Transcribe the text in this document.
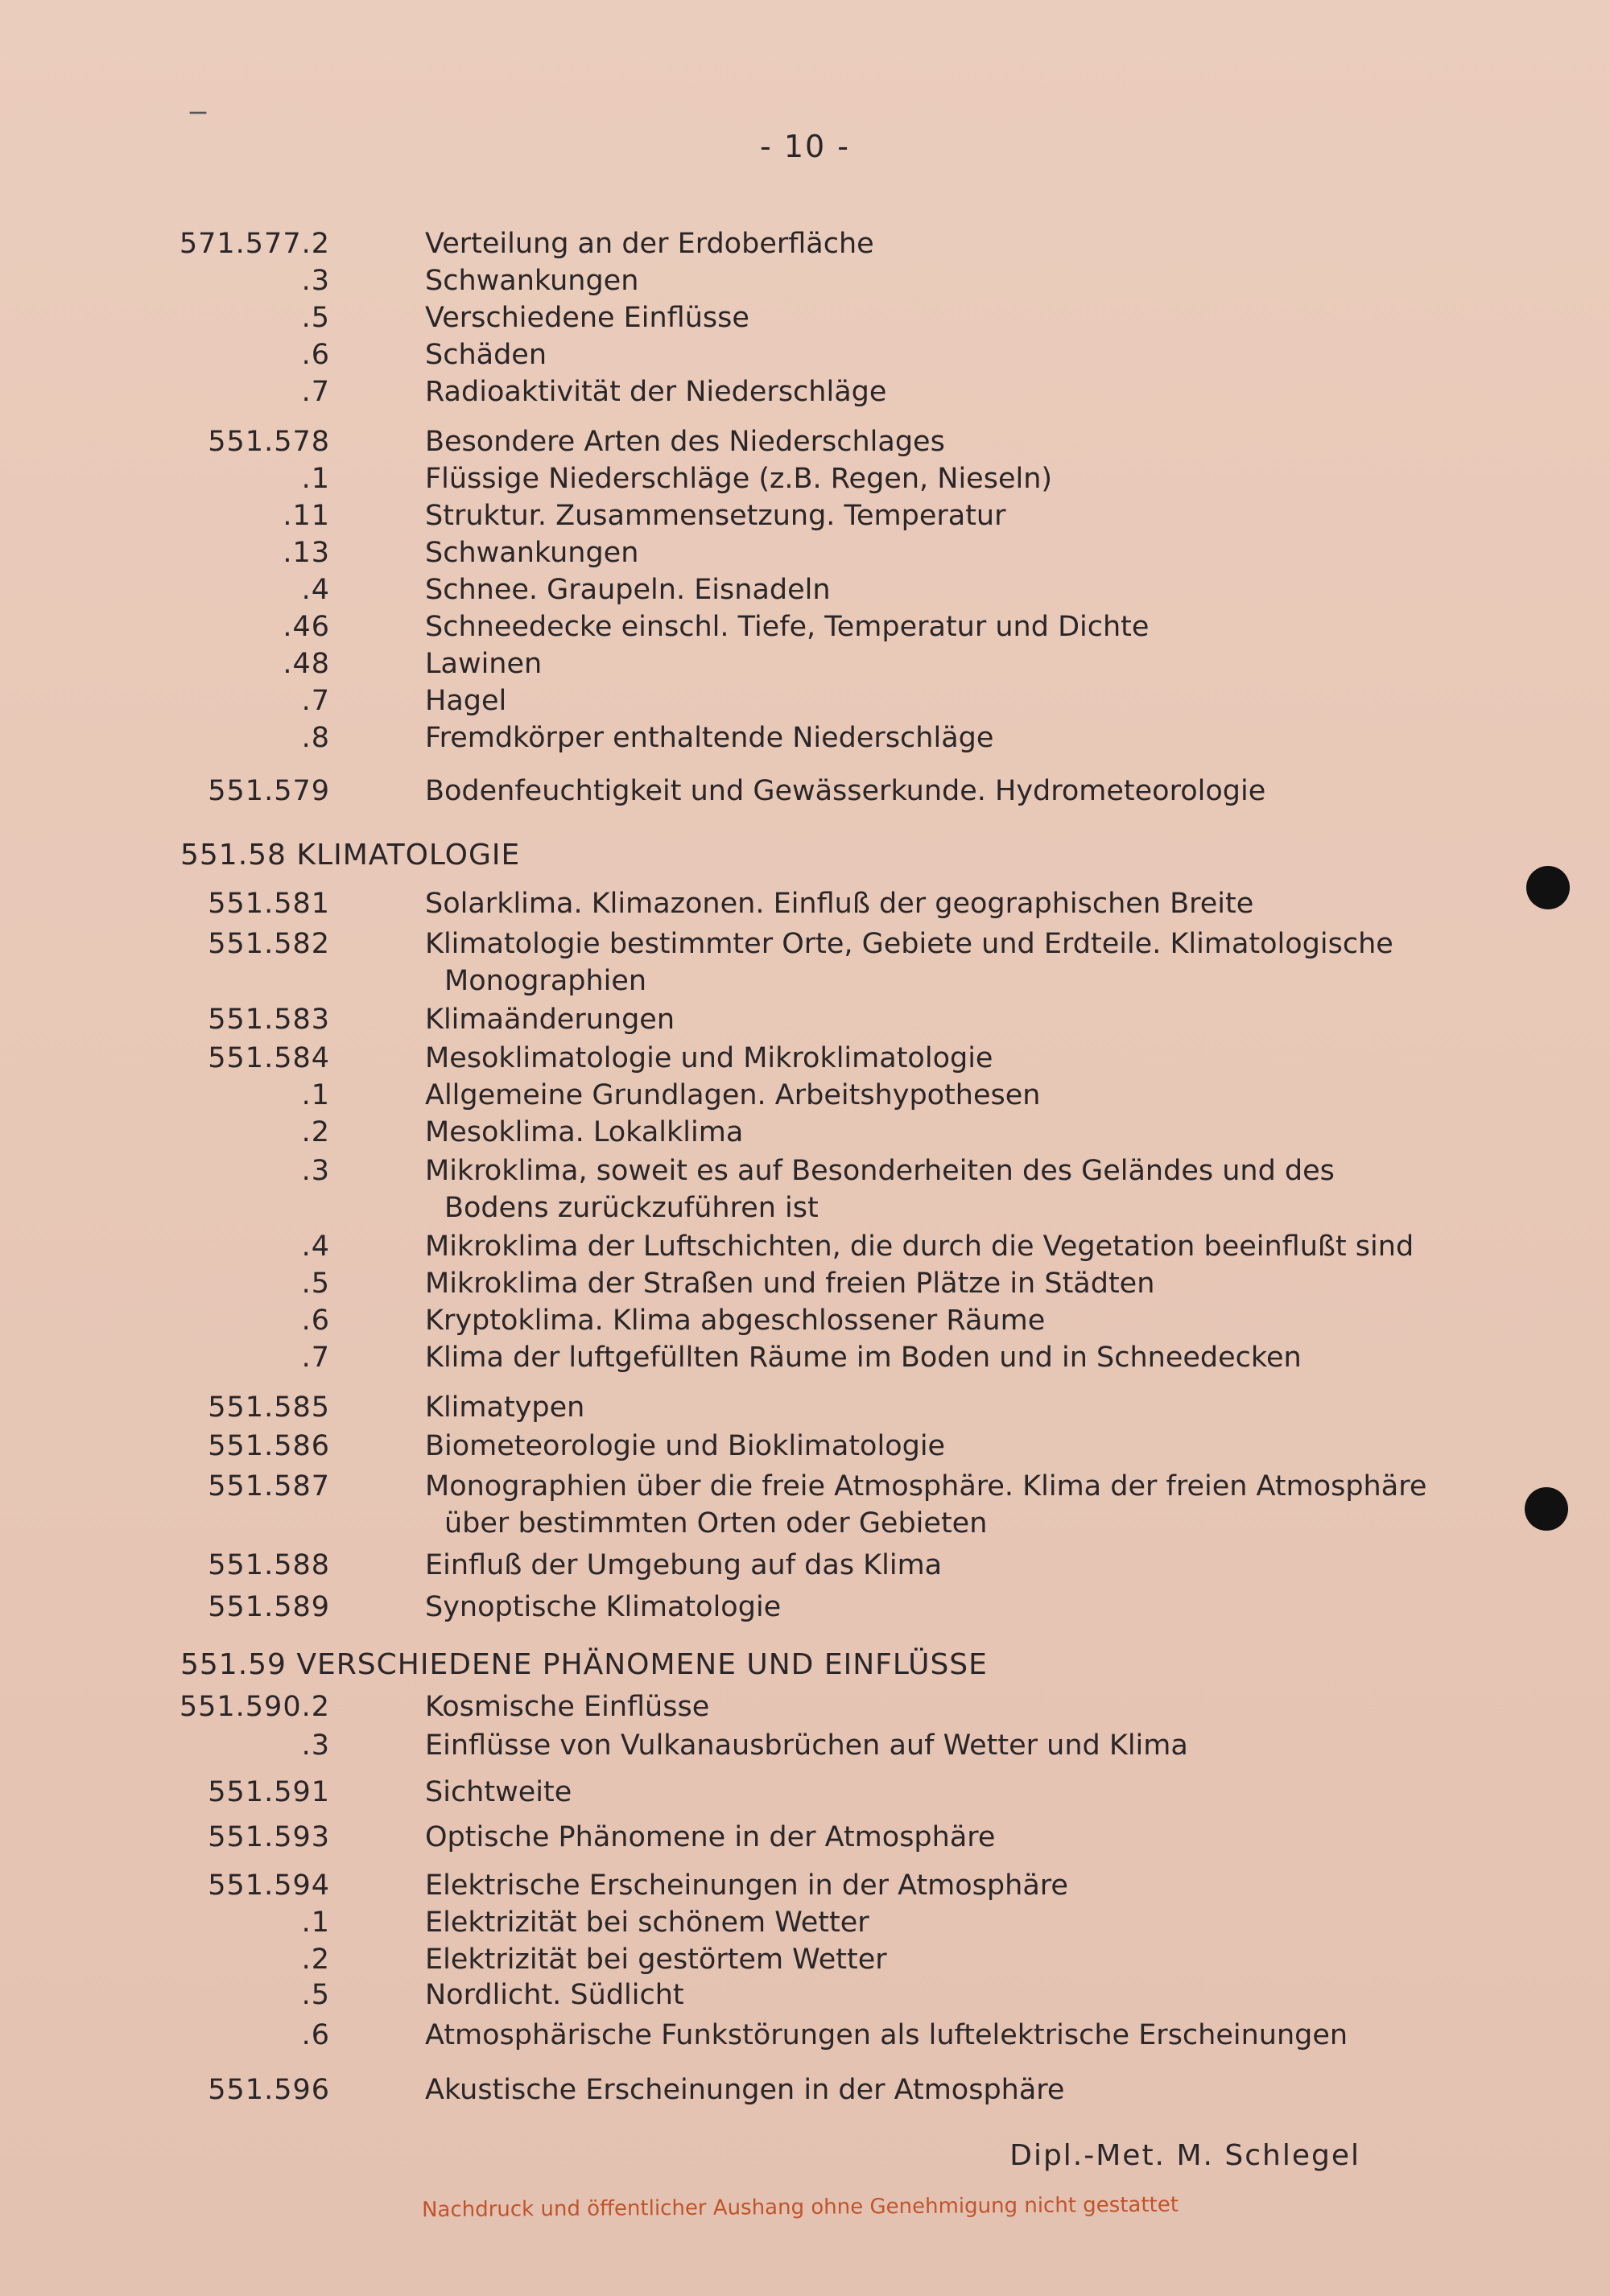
_
- 10 -
571.577.2	Verteilung an der Erdoberfläche
.3	Schwankungen
.5	Verschiedene Einflüsse
.6	Schäden
.7	Radioaktivität der Niederschläge
551.578	Besondere Arten des Niederschlages
.1	Flüssige Niederschläge (z.B. Regen, Nieseln)
.11	Struktur. Zusammensetzung. Temperatur
.13	Schwankungen
.4	Schnee. Graupeln. Eisnadeln
.46	Schneedecke einschl. Tiefe, Temperatur und Dichte
.48	Lawinen
.7	Hagel
.8	Fremdkörper enthaltende Niederschläge
551.579	Bodenfeuchtigkeit und Gewässerkunde. Hydrometeorologie
551.58 KLIMATOLOGIE
551.581	Solarklima. Klimazonen. Einfluß der geographischen Breite
551.582	Klimatologie bestimmter Orte, Gebiete und Erdteile. Klimatologische
Monographien
551.583	Klimaänderungen
551.584	Mesoklimatologie und Mikroklimatologie
.1	Allgemeine Grundlagen. Arbeitshypothesen
.2	Mesoklima. Lokalklima
.3	Mikroklima, soweit es auf Besonderheiten des Geländes und des
Bodens zurückzuführen ist
.4	Mikroklima der Luftschichten, die durch die Vegetation beeinflußt sind
.5	Mikroklima der Straßen und freien Plätze in Städten
.6	Kryptoklima. Klima abgeschlossener Räume
.7	Klima der luftgefüllten Räume im Boden und in Schneedecken
551.585	Klimatypen
551.586	Biometeorologie und Bioklimatologie
551.587	Monographien über die freie Atmosphäre. Klima der freien Atmosphäre
über bestimmten Orten oder Gebieten
551.588	Einfluß der Umgebung auf das Klima
551.589	Synoptische Klimatologie
551.59 VERSCHIEDENE PHÄNOMENE UND EINFLÜSSE
551.590.2	Kosmische Einflüsse
.3	Einflüsse von Vulkanausbrüchen auf Wetter und Klima
551.591	Sichtweite
551.593	Optische Phänomene in der Atmosphäre
551.594	Elektrische Erscheinungen in der Atmosphäre
.1	Elektrizität bei schönem Wetter
.2	Elektrizität bei gestörtem Wetter
.5	Nordlicht. Südlicht
.6	Atmosphärische Funkstörungen als luftelektrische Erscheinungen
551.596	Akustische Erscheinungen in der Atmosphäre
Dipl.-Met. M. Schlegel
Nachdruck und öffentlicher Aushang ohne Genehmigung nicht gestattet
